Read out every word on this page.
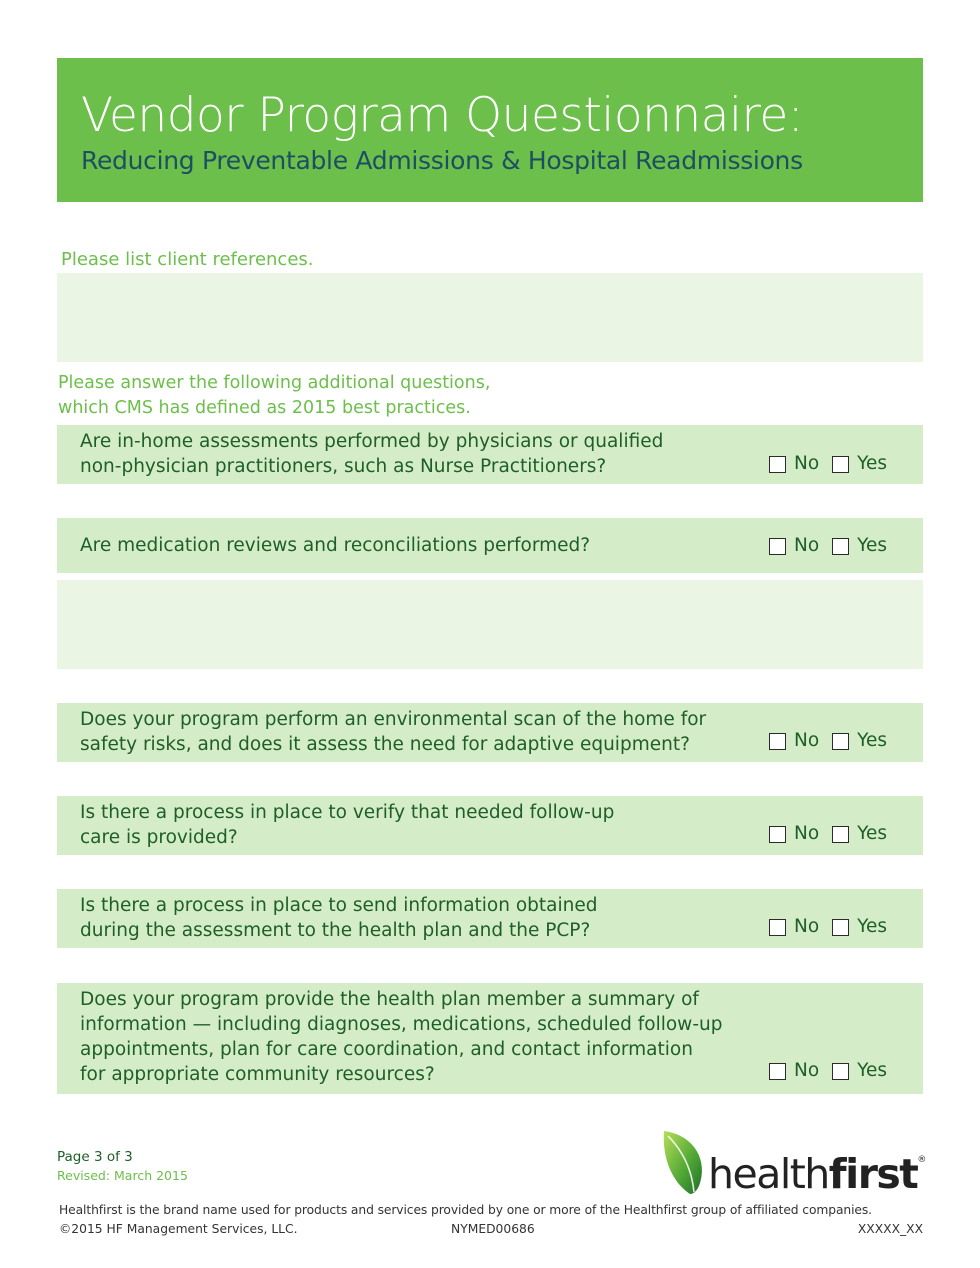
Vendor Program Questionnaire:
Reducing Preventable Admissions & Hospital Readmissions

Please list client references.

Please answer the following additional questions,

which CMS has defined as 2015 best practices.

Are in-home assessments performed by physicians or qualified

non-physician practitioners, such as Nurse Practitioners?	No Yes

Are medication reviews and reconciliations performed?	No Yes

Does your program perform an environmental scan of the home for

safety risks, and does it assess the need for adaptive equipment?	No Yes

Is there a process in place to verify that needed follow-up

care is provided?	No Yes

Is there a process in place to send information obtained

during the assessment to the health plan and the PCP?	No Yes

Does your program provide the health plan member a summary of

information — including diagnoses, medications, scheduled follow-up

appointments, plan for care coordination, and contact information

for appropriate community resources?	No Yes

Page 3 of 3

Revised: March 2015	healthfirst®

Healthfirst is the brand name used for products and services provided by one or more of the Healthfirst group of affiliated companies.

©2015 HF Management Services, LLC.	NYMED00686	XXXXX_XX
